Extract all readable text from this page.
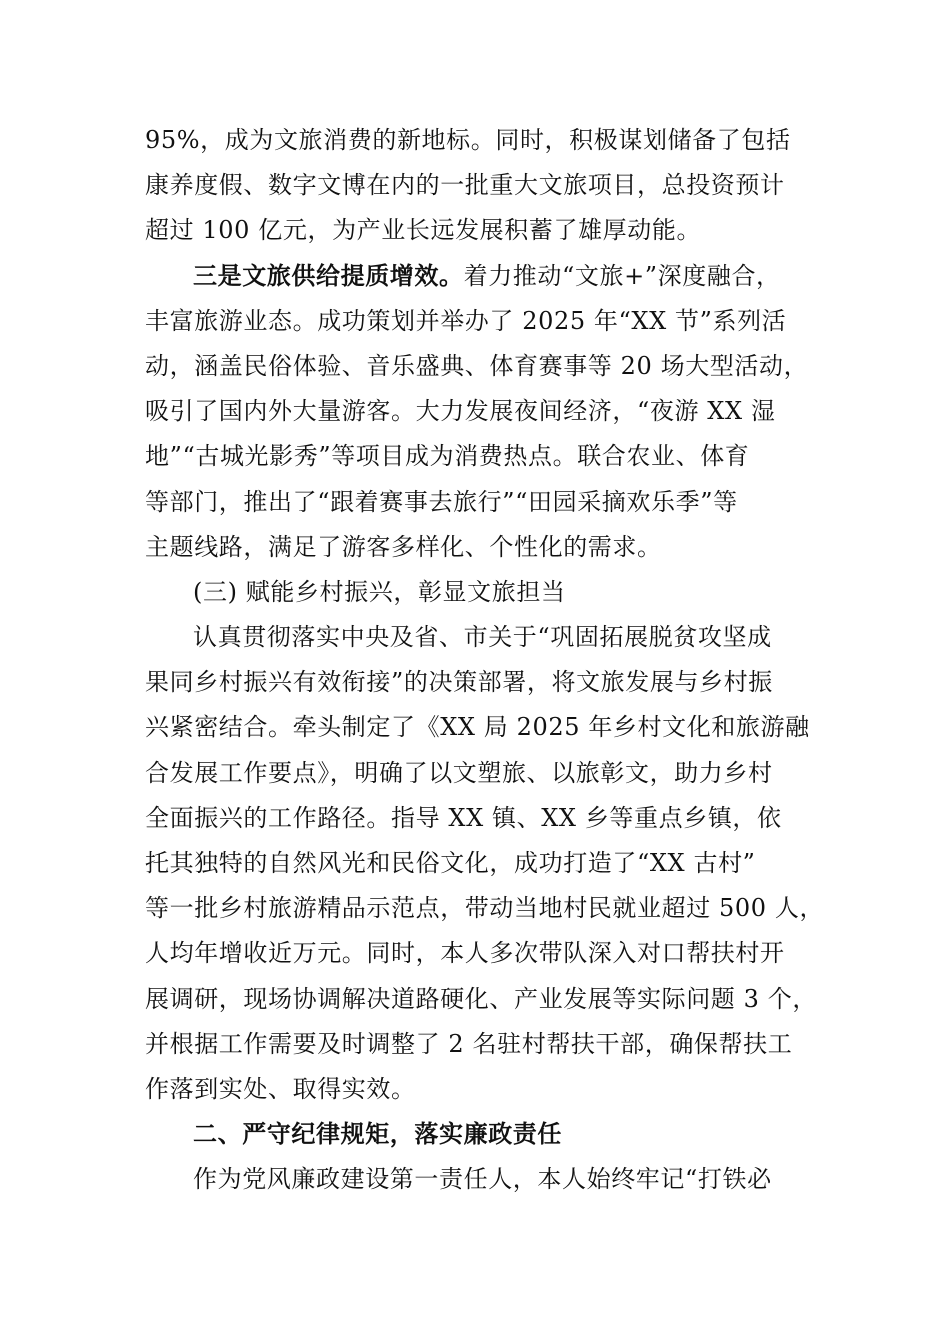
95%，成为文旅消费的新地标。同时，积极谋划储备了包括
康养度假、数字文博在内的一批重大文旅项目，总投资预计
超过 100 亿元，为产业长远发展积蓄了雄厚动能。
三是文旅供给提质增效。着力推动“文旅+”深度融合，
丰富旅游业态。成功策划并举办了 2025 年“XX 节”系列活
动，涵盖民俗体验、音乐盛典、体育赛事等 20 场大型活动，
吸引了国内外大量游客。大力发展夜间经济，“夜游 XX 湿
地”“古城光影秀”等项目成为消费热点。联合农业、体育
等部门，推出了“跟着赛事去旅行”“田园采摘欢乐季”等
主题线路，满足了游客多样化、个性化的需求。
(三) 赋能乡村振兴，彰显文旅担当
认真贯彻落实中央及省、市关于“巩固拓展脱贫攻坚成
果同乡村振兴有效衔接”的决策部署，将文旅发展与乡村振
兴紧密结合。牵头制定了《XX 局 2025 年乡村文化和旅游融
合发展工作要点》，明确了以文塑旅、以旅彰文，助力乡村
全面振兴的工作路径。指导 XX 镇、XX 乡等重点乡镇，依
托其独特的自然风光和民俗文化，成功打造了“XX 古村”
等一批乡村旅游精品示范点，带动当地村民就业超过 500 人，
人均年增收近万元。同时，本人多次带队深入对口帮扶村开
展调研，现场协调解决道路硬化、产业发展等实际问题 3 个，
并根据工作需要及时调整了 2 名驻村帮扶干部，确保帮扶工
作落到实处、取得实效。
二、严守纪律规矩，落实廉政责任
作为党风廉政建设第一责任人，本人始终牢记“打铁必
